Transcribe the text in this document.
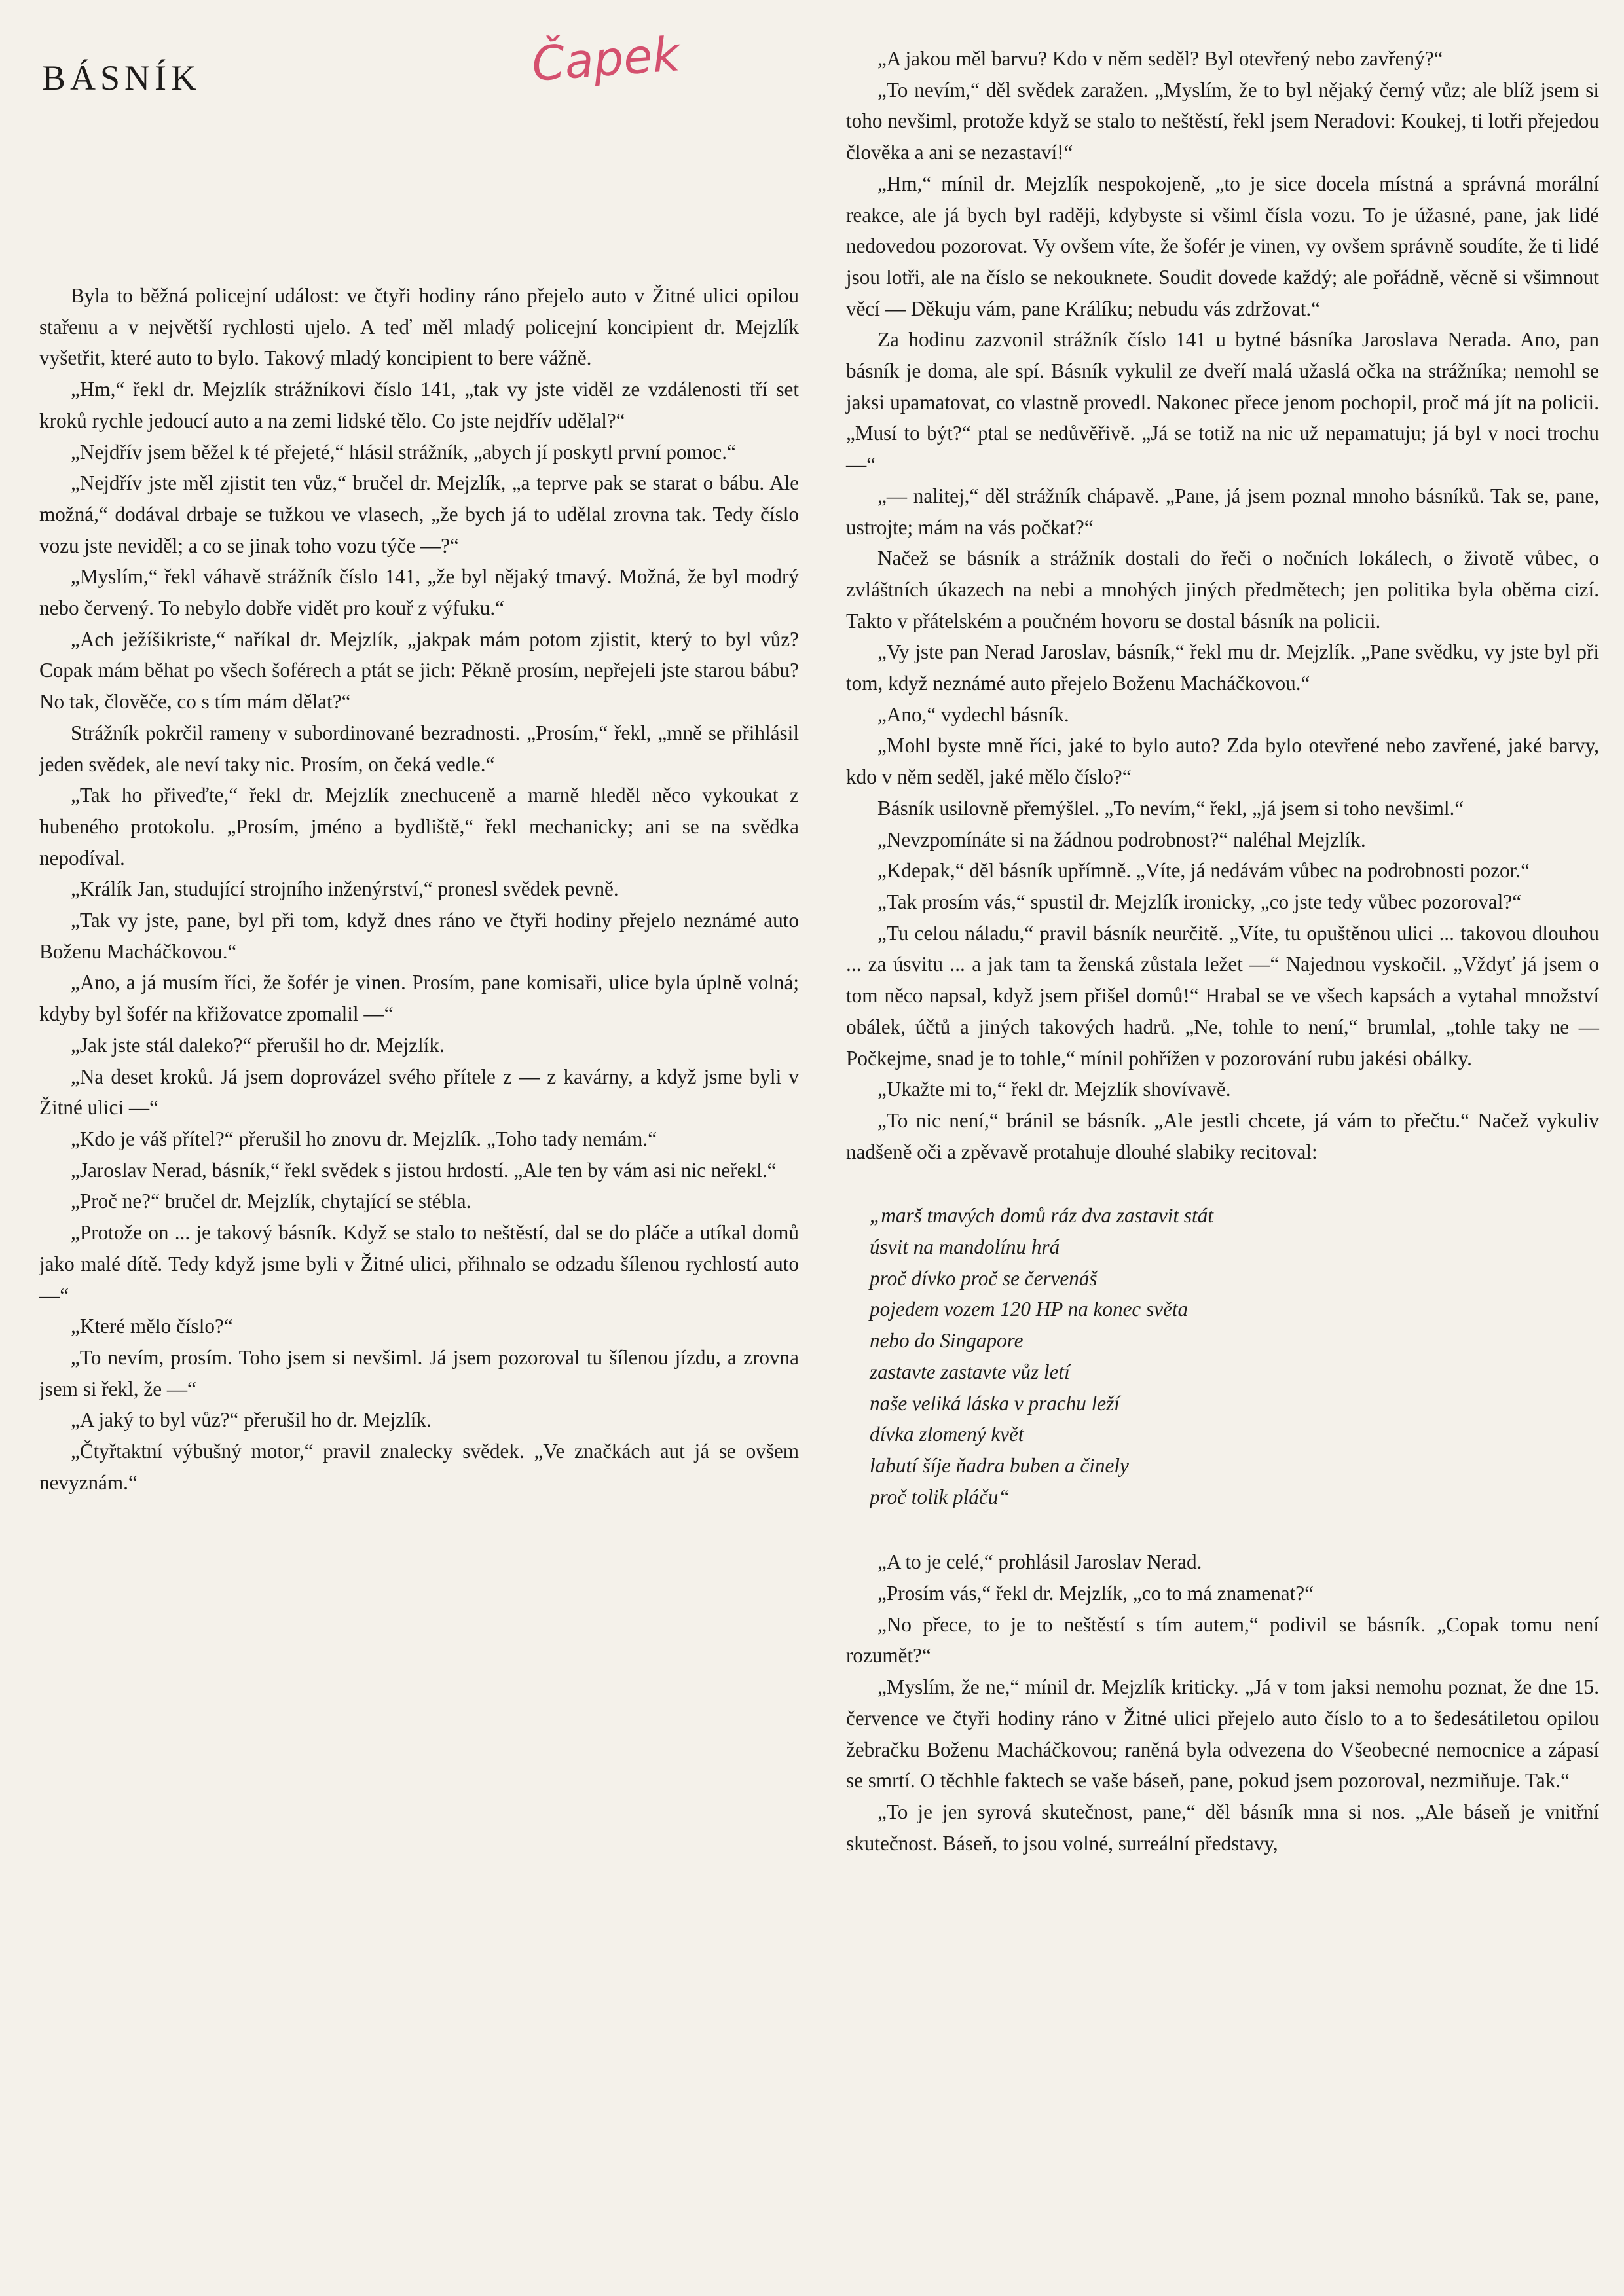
BÁSNÍK	Čapek

Byla to běžná policejní událost: ve čtyři hodiny ráno přejelo auto v Žitné ulici opilou stařenu a v největší rychlosti ujelo. A teď měl mladý policejní koncipient dr. Mejzlík vyšetřit, které auto to bylo. Takový mladý koncipient to bere vážně.

„Hm,“ řekl dr. Mejzlík strážníkovi číslo 141, „tak vy jste viděl ze vzdálenosti tří set kroků rychle jedoucí auto a na zemi lidské tělo. Co jste nejdřív udělal?“

„Nejdřív jsem běžel k té přejeté,“ hlásil strážník, „abych jí poskytl první pomoc.“

„Nejdřív jste měl zjistit ten vůz,“ bručel dr. Mejzlík, „a teprve pak se starat o bábu. Ale možná,“ dodával drbaje se tužkou ve vlasech, „že bych já to udělal zrovna tak. Tedy číslo vozu jste neviděl; a co se jinak toho vozu týče —?“

„Myslím,“ řekl váhavě strážník číslo 141, „že byl nějaký tmavý. Možná, že byl modrý nebo červený. To nebylo dobře vidět pro kouř z výfuku.“

„Ach ježíšikriste,“ naříkal dr. Mejzlík, „jakpak mám potom zjistit, který to byl vůz? Copak mám běhat po všech šoférech a ptát se jich: Pěkně prosím, nepřejeli jste starou bábu? No tak, člověče, co s tím mám dělat?“

Strážník pokrčil rameny v subordinované bezradnosti. „Prosím,“ řekl, „mně se přihlásil jeden svědek, ale neví taky nic. Prosím, on čeká vedle.“

„Tak ho přiveďte,“ řekl dr. Mejzlík znechuceně a marně hleděl něco vykoukat z hubeného protokolu. „Prosím, jméno a bydliště,“ řekl mechanicky; ani se na svědka nepodíval.

„Králík Jan, studující strojního inženýrství,“ pronesl svědek pevně.

„Tak vy jste, pane, byl při tom, když dnes ráno ve čtyři hodiny přejelo neznámé auto Boženu Macháčkovou.“

„Ano, a já musím říci, že šofér je vinen. Prosím, pane komisaři, ulice byla úplně volná; kdyby byl šofér na křižovatce zpomalil —“

„Jak jste stál daleko?“ přerušil ho dr. Mejzlík.

„Na deset kroků. Já jsem doprovázel svého přítele z — z kavárny, a když jsme byli v Žitné ulici —“

„Kdo je váš přítel?“ přerušil ho znovu dr. Mejzlík. „Toho tady nemám.“

„Jaroslav Nerad, básník,“ řekl svědek s jistou hrdostí. „Ale ten by vám asi nic neřekl.“

„Proč ne?“ bručel dr. Mejzlík, chytající se stébla.

„Protože on ... je takový básník. Když se stalo to neštěstí, dal se do pláče a utíkal domů jako malé dítě. Tedy když jsme byli v Žitné ulici, přihnalo se odzadu šílenou rychlostí auto —“

„Které mělo číslo?“

„To nevím, prosím. Toho jsem si nevšiml. Já jsem pozoroval tu šílenou jízdu, a zrovna jsem si řekl, že —“

„A jaký to byl vůz?“ přerušil ho dr. Mejzlík.

„Čtyřtaktní výbušný motor,“ pravil znalecky svědek. „Ve značkách aut já se ovšem nevyznám.“

„A jakou měl barvu? Kdo v něm seděl? Byl otevřený nebo zavřený?“

„To nevím,“ děl svědek zaražen. „Myslím, že to byl nějaký černý vůz; ale blíž jsem si toho nevšiml, protože když se stalo to neštěstí, řekl jsem Neradovi: Koukej, ti lotři přejedou člověka a ani se nezastaví!“

„Hm,“ mínil dr. Mejzlík nespokojeně, „to je sice docela místná a správná morální reakce, ale já bych byl raději, kdybyste si všiml čísla vozu. To je úžasné, pane, jak lidé nedovedou pozorovat. Vy ovšem víte, že šofér je vinen, vy ovšem správně soudíte, že ti lidé jsou lotři, ale na číslo se nekouknete. Soudit dovede každý; ale pořádně, věcně si všimnout věcí — Děkuju vám, pane Králíku; nebudu vás zdržovat.“

Za hodinu zazvonil strážník číslo 141 u bytné básníka Jaroslava Nerada. Ano, pan básník je doma, ale spí. Básník vykulil ze dveří malá užaslá očka na strážníka; nemohl se jaksi upamatovat, co vlastně provedl. Nakonec přece jenom pochopil, proč má jít na policii. „Musí to být?“ ptal se nedůvěřivě. „Já se totiž na nic už nepamatuju; já byl v noci trochu —“

„— nalitej,“ děl strážník chápavě. „Pane, já jsem poznal mnoho básníků. Tak se, pane, ustrojte; mám na vás počkat?“

Načež se básník a strážník dostali do řeči o nočních lokálech, o životě vůbec, o zvláštních úkazech na nebi a mnohých jiných předmětech; jen politika byla oběma cizí. Takto v přátelském a poučném hovoru se dostal básník na policii.

„Vy jste pan Nerad Jaroslav, básník,“ řekl mu dr. Mejzlík. „Pane svědku, vy jste byl při tom, když neznámé auto přejelo Boženu Macháčkovou.“

„Ano,“ vydechl básník.

„Mohl byste mně říci, jaké to bylo auto? Zda bylo otevřené nebo zavřené, jaké barvy, kdo v něm seděl, jaké mělo číslo?“

Básník usilovně přemýšlel. „To nevím,“ řekl, „já jsem si toho nevšiml.“

„Nevzpomínáte si na žádnou podrobnost?“ naléhal Mejzlík.

„Kdepak,“ děl básník upřímně. „Víte, já nedávám vůbec na podrobnosti pozor.“

„Tak prosím vás,“ spustil dr. Mejzlík ironicky, „co jste tedy vůbec pozoroval?“

„Tu celou náladu,“ pravil básník neurčitě. „Víte, tu opuštěnou ulici ... takovou dlouhou ... za úsvitu ... a jak tam ta ženská zůstala ležet —“ Najednou vyskočil. „Vždyť já jsem o tom něco napsal, když jsem přišel domů!“ Hrabal se ve všech kapsách a vytahal množství obálek, účtů a jiných takových hadrů. „Ne, tohle to není,“ brumlal, „tohle taky ne — Počkejme, snad je to tohle,“ mínil pohřížen v pozorování rubu jakési obálky.

„Ukažte mi to,“ řekl dr. Mejzlík shovívavě.

„To nic není,“ bránil se básník. „Ale jestli chcete, já vám to přečtu.“ Načež vykuliv nadšeně oči a zpěvavě protahuje dlouhé slabiky recitoval:

„marš tmavých domů ráz dva zastavit stát
úsvit na mandolínu hrá
proč dívko proč se červenáš
pojedem vozem 120 HP na konec světa
nebo do Singapore
zastavte zastavte vůz letí
naše veliká láska v prachu leží
dívka zlomený květ
labutí šíje ňadra buben a činely
proč tolik pláču“

„A to je celé,“ prohlásil Jaroslav Nerad.

„Prosím vás,“ řekl dr. Mejzlík, „co to má znamenat?“

„No přece, to je to neštěstí s tím autem,“ podivil se básník. „Copak tomu není rozumět?“

„Myslím, že ne,“ mínil dr. Mejzlík kriticky. „Já v tom jaksi nemohu poznat, že dne 15. července ve čtyři hodiny ráno v Žitné ulici přejelo auto číslo to a to šedesátiletou opilou žebračku Boženu Macháčkovou; raněná byla odvezena do Všeobecné nemocnice a zápasí se smrtí. O těchhle faktech se vaše báseň, pane, pokud jsem pozoroval, nezmiňuje. Tak.“

„To je jen syrová skutečnost, pane,“ děl básník mna si nos. „Ale báseň je vnitřní skutečnost. Báseň, to jsou volné, surreální představy,
